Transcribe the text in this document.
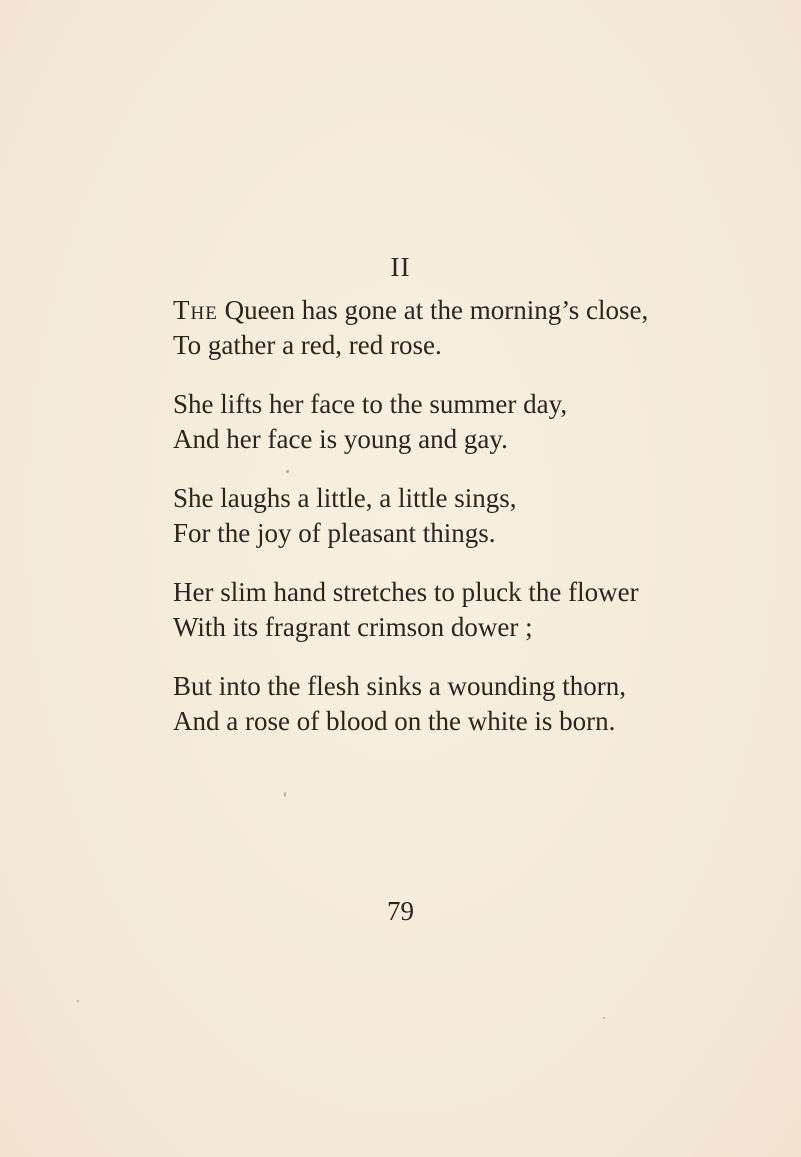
II
The Queen has gone at the morning’s close,
To gather a red, red rose.
She lifts her face to the summer day,
And her face is young and gay.
She laughs a little, a little sings,
For the joy of pleasant things.
Her slim hand stretches to pluck the flower
With its fragrant crimson dower ;
But into the flesh sinks a wounding thorn,
And a rose of blood on the white is born.
79
